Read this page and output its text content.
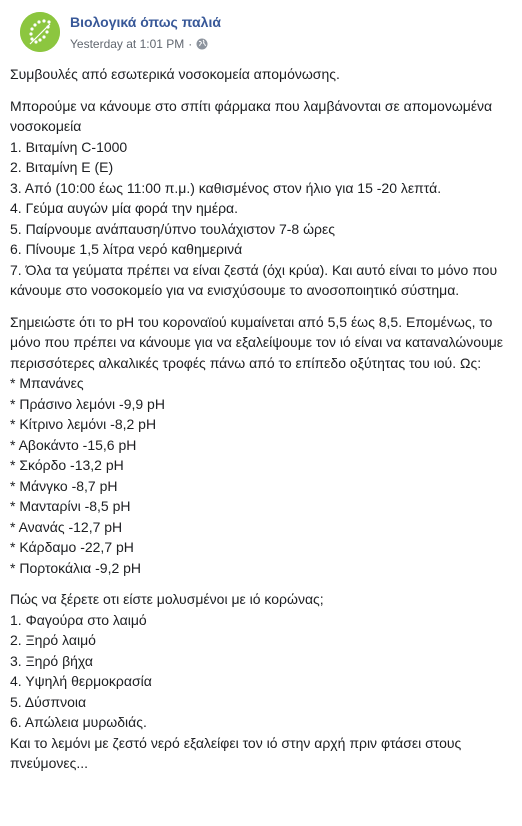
Βιολογικά όπως παλιά
Yesterday at 1:01 PM ·
Συμβουλές από εσωτερικά νοσοκομεία απομόνωσης.
Μπορούμε να κάνουμε στο σπίτι φάρμακα που λαμβάνονται σε απομονωμένα νοσοκομεία
1. Βιταμίνη C-1000
2. Βιταμίνη E (E)
3. Από (10:00 έως 11:00 π.μ.) καθισμένος στον ήλιο για 15 -20 λεπτά.
4. Γεύμα αυγών μία φορά την ημέρα.
5. Παίρνουμε ανάπαυση/ύπνο τουλάχιστον 7-8 ώρες
6. Πίνουμε 1,5 λίτρα νερό καθημερινά
7. Όλα τα γεύματα πρέπει να είναι ζεστά (όχι κρύα). Και αυτό είναι το μόνο που κάνουμε στο νοσοκομείο για να ενισχύσουμε το ανοσοποιητικό σύστημα.
Σημειώστε ότι το pH του κοροναϊού κυμαίνεται από 5,5 έως 8,5. Επομένως, το μόνο που πρέπει να κάνουμε για να εξαλείψουμε τον ιό είναι να καταναλώνουμε περισσότερες αλκαλικές τροφές πάνω από το επίπεδο οξύτητας του ιού. Ως:
* Μπανάνες
* Πράσινο λεμόνι -9,9 pH
* Κίτρινο λεμόνι -8,2 pH
* Αβοκάντο -15,6 pH
* Σκόρδο -13,2 pH
* Μάνγκο -8,7 pH
* Μανταρίνι -8,5 pH
* Ανανάς -12,7 pH
* Κάρδαμο -22,7 pH
* Πορτοκάλια -9,2 pH
Πώς να ξέρετε οτι είστε μολυσμένοι με ιό κορώνας;
1. Φαγούρα στο λαιμό
2. Ξηρό λαιμό
3. Ξηρό βήχα
4. Υψηλή θερμοκρασία
5. Δύσπνοια
6. Απώλεια μυρωδιάς.
Και το λεμόνι με ζεστό νερό εξαλείφει τον ιό στην αρχή πριν φτάσει στους πνεύμονες...
